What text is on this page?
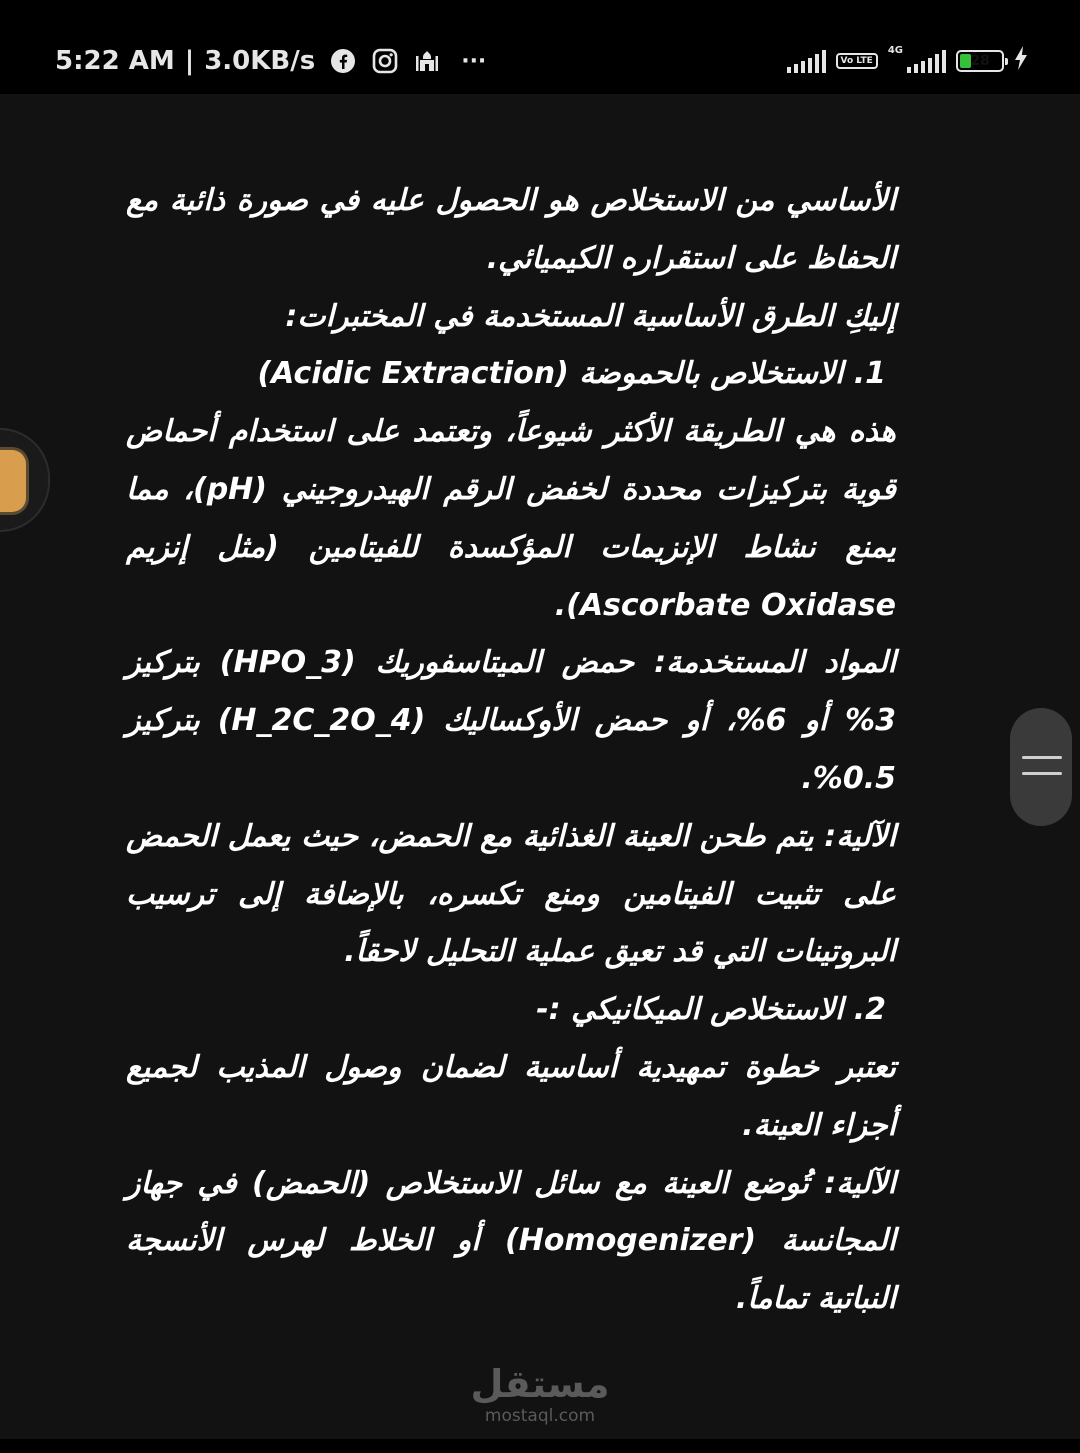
5:22 AM | 3.0KB/s	···	Vo LTE
4G
28

الأساسي من الاستخلاص هو الحصول عليه في صورة ذائبة مع الحفاظ على استقراره الكيميائي.

إليكِ الطرق الأساسية المستخدمة في المختبرات:

1. الاستخلاص بالحموضة (Acidic Extraction)

هذه هي الطريقة الأكثر شيوعاً، وتعتمد على استخدام أحماض قوية بتركيزات محددة لخفض الرقم الهيدروجيني (pH)، مما يمنع نشاط الإنزيمات المؤكسدة للفيتامين (مثل إنزيم Ascorbate Oxidase).

المواد المستخدمة: حمض الميتاسفوريك (HPO_3) بتركيز 3% أو 6%، أو حمض الأوكساليك (H_2C_2O_4) بتركيز 0.5%.

الآلية: يتم طحن العينة الغذائية مع الحمض، حيث يعمل الحمض على تثبيت الفيتامين ومنع تكسره، بالإضافة إلى ترسيب البروتينات التي قد تعيق عملية التحليل لاحقاً.

2. الاستخلاص الميكانيكي :-

تعتبر خطوة تمهيدية أساسية لضمان وصول المذيب لجميع أجزاء العينة.

الآلية: تُوضع العينة مع سائل الاستخلاص (الحمض) في جهاز المجانسة (Homogenizer) أو الخلاط لهرس الأنسجة النباتية تماماً.

مستقل
mostaql.com
